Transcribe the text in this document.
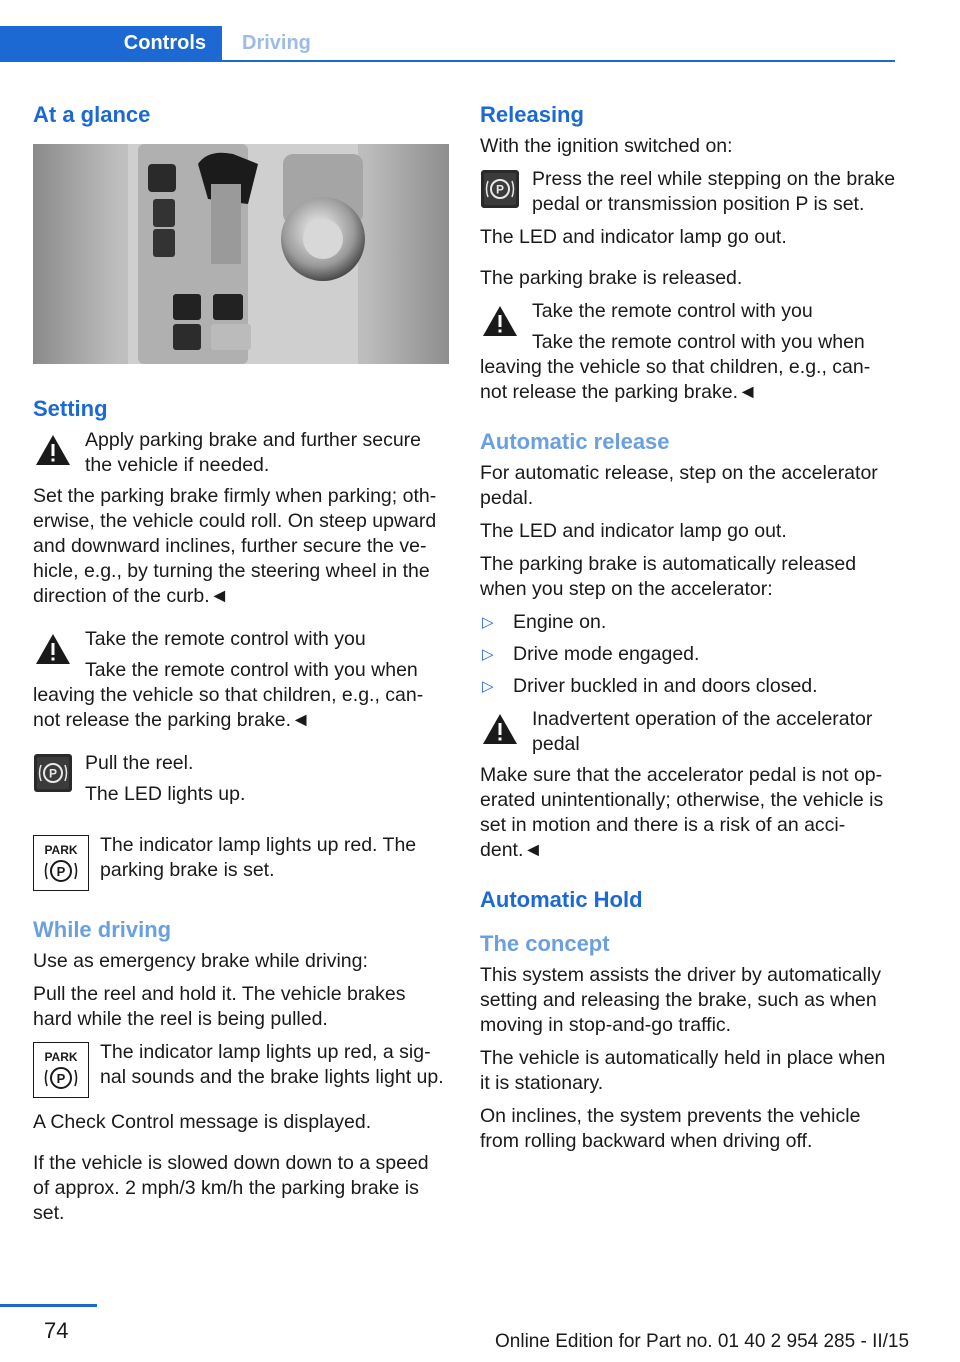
Controls	Driving
At a glance
Setting

Apply parking brake and further secure the vehicle if needed.

Set the parking brake firmly when parking; oth-erwise, the vehicle could roll. On steep upward and downward inclines, further secure the ve-hicle, e.g., by turning the steering wheel in the direction of the curb.◄

Take the remote control with you

Take the remote control with you when leaving the vehicle so that children, e.g., can-not release the parking brake.◄

P	Pull the reel.

The LED lights up.

PARK
P

The indicator lamp lights up red. The parking brake is set.

While driving

Use as emergency brake while driving:

Pull the reel and hold it. The vehicle brakes hard while the reel is being pulled.

PARK
P

The indicator lamp lights up red, a sig-nal sounds and the brake lights light up.

A Check Control message is displayed.

If the vehicle is slowed down down to a speed of approx. 2 mph/3 km/h the parking brake is set.

Releasing

With the ignition switched on:

P	Press the reel while stepping on the brake pedal or transmission position P is set.

The LED and indicator lamp go out.

The parking brake is released.

Take the remote control with you

Take the remote control with you when leaving the vehicle so that children, e.g., can-not release the parking brake.◄

Automatic release

For automatic release, step on the accelerator pedal.

The LED and indicator lamp go out.

The parking brake is automatically released when you step on the accelerator:

▷ Engine on.
▷ Drive mode engaged.
▷ Driver buckled in and doors closed.

Inadvertent operation of the accelerator pedal

Make sure that the accelerator pedal is not op-erated unintentionally; otherwise, the vehicle is set in motion and there is a risk of an acci-dent.◄

Automatic Hold
The concept

This system assists the driver by automatically setting and releasing the brake, such as when moving in stop-and-go traffic.

The vehicle is automatically held in place when it is stationary.

On inclines, the system prevents the vehicle from rolling backward when driving off.

74	Online Edition for Part no. 01 40 2 954 285 - II/15
